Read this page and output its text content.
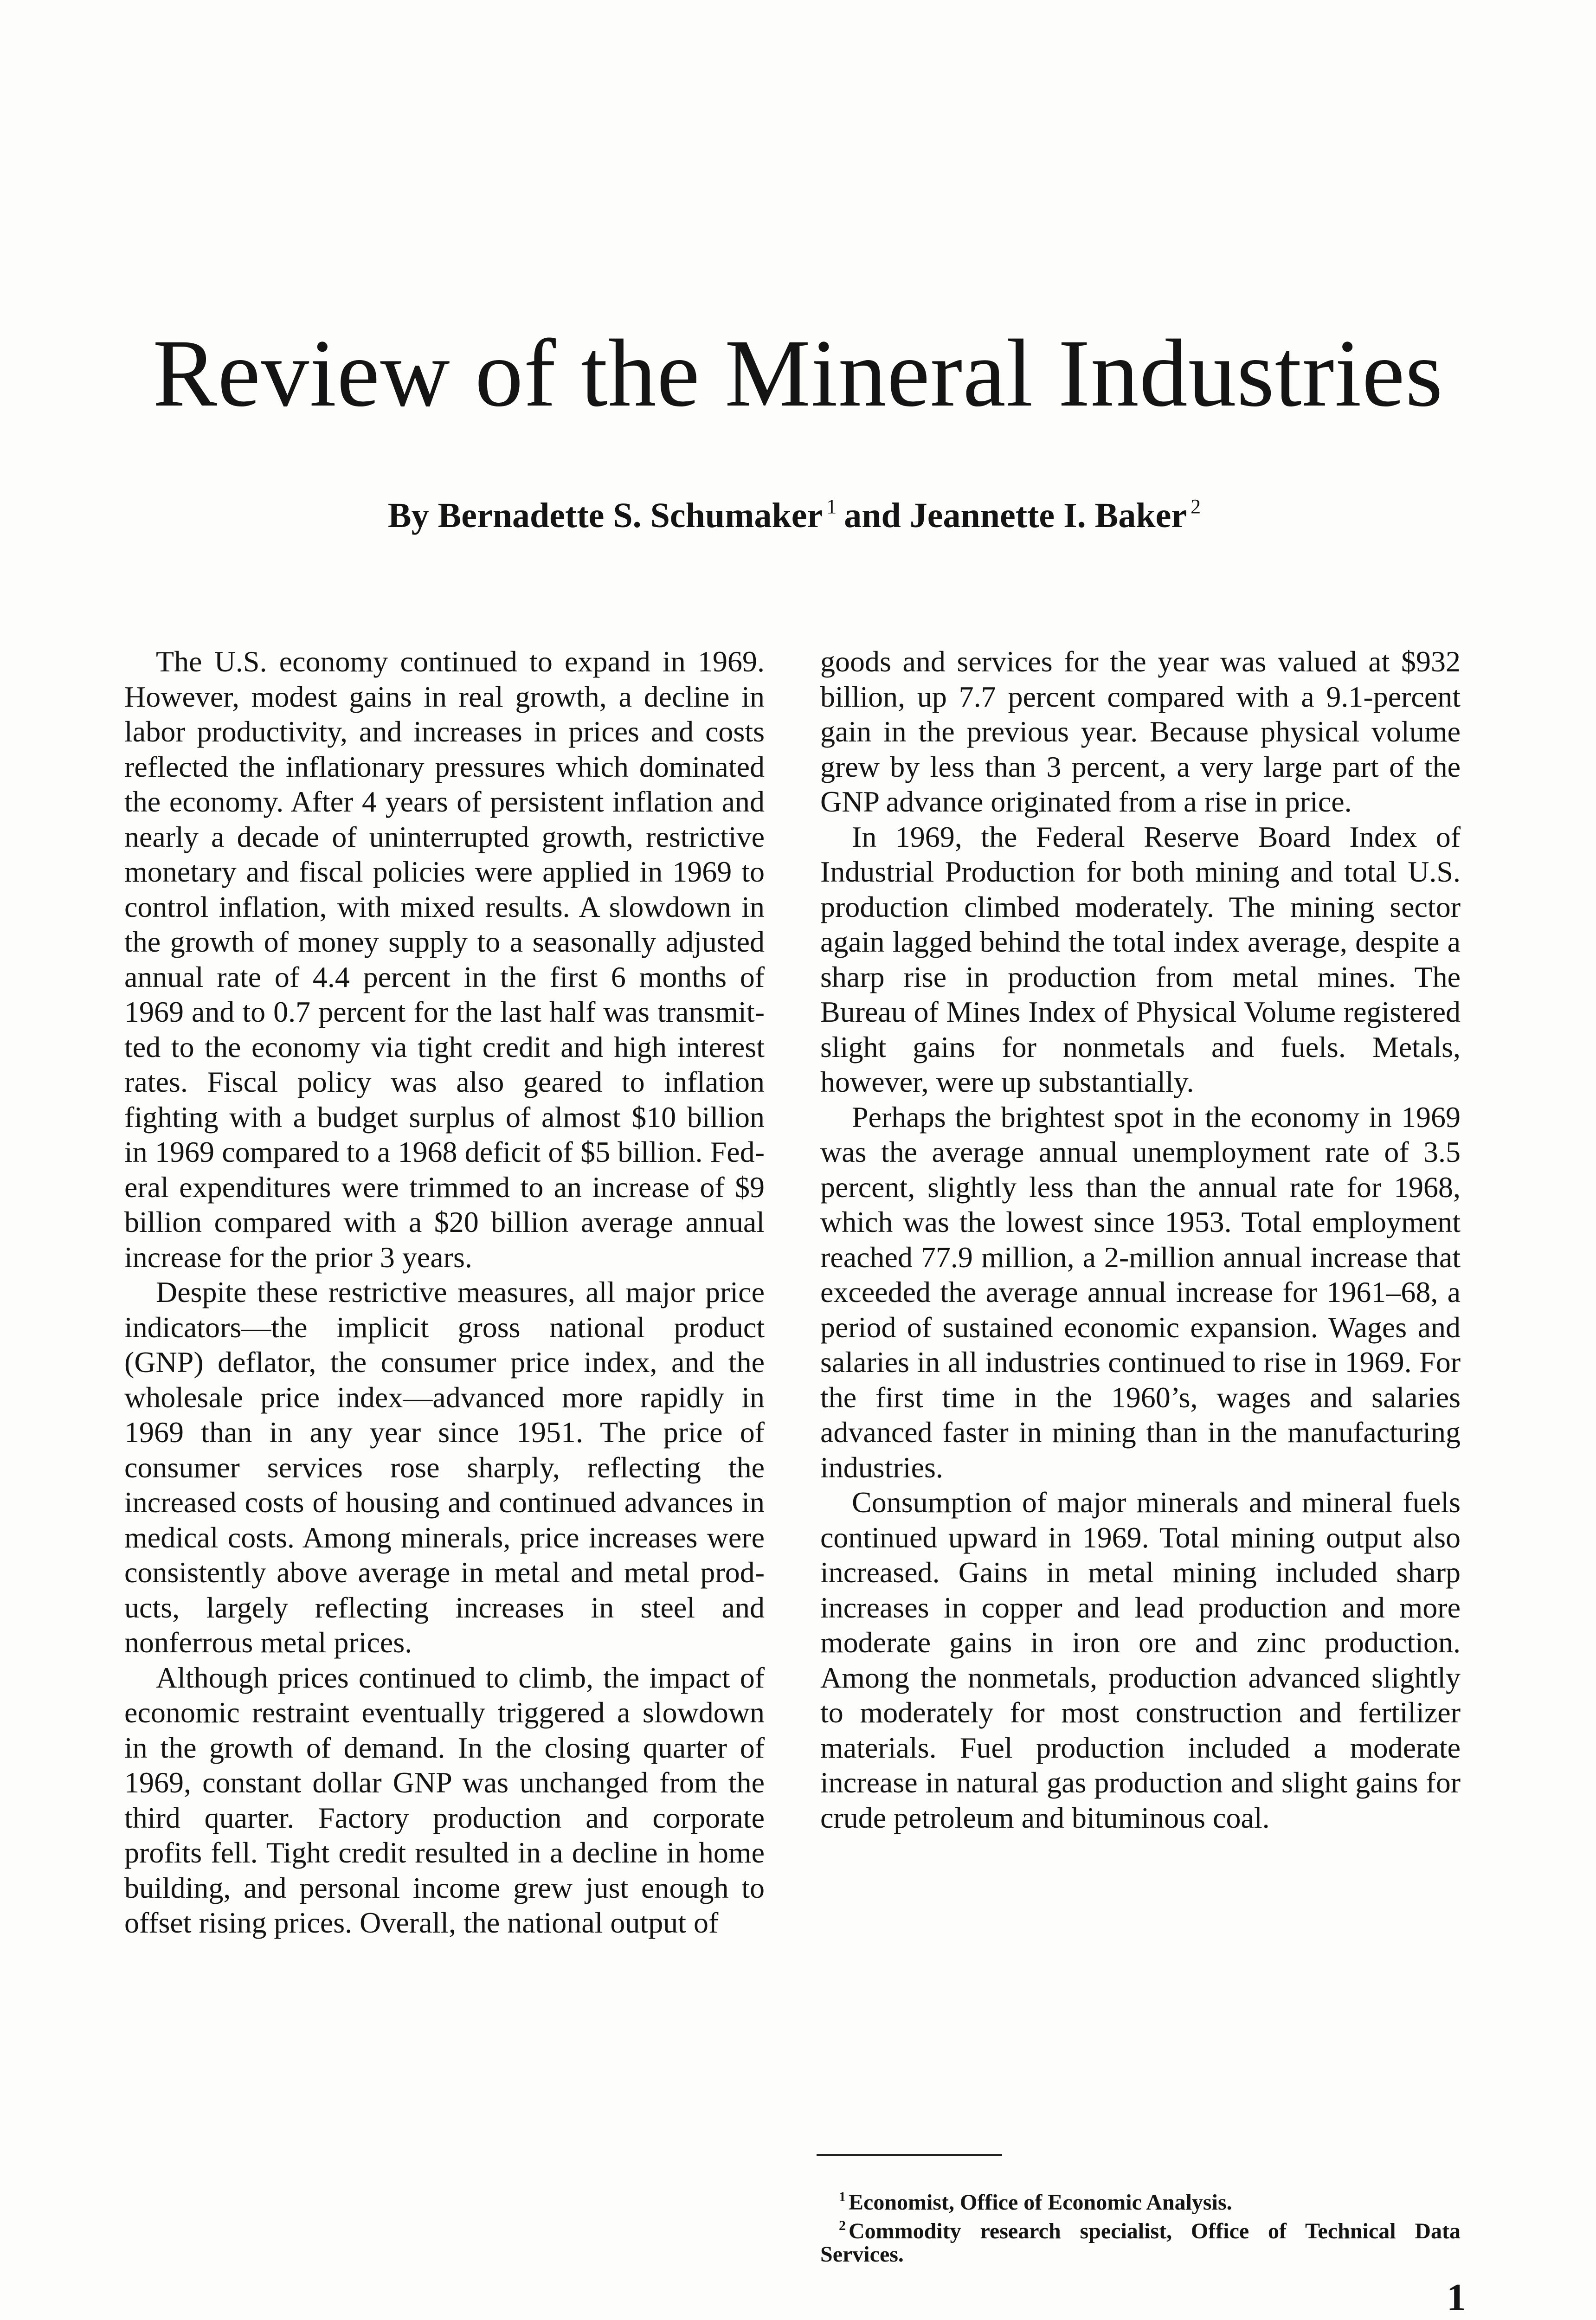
Review of the Mineral Industries
By Bernadette S. Schumaker $^1$ and Jeannette I. Baker $^2$

The U.S. economy continued to expand in 1969. However, modest gains in real growth, a decline in labor productivity, and increases in prices and costs reflected the inflationary pressures which dominated the economy. After 4 years of persistent inflation and nearly a decade of uninterrupted growth, restrictive monetary and fiscal policies were applied in 1969 to control inflation, with mixed results. A slowdown in the growth of money supply to a seasonally adjusted annual rate of 4.4 percent in the first 6 months of 1969 and to 0.7 percent for the last half was transmitted to the economy via tight credit and high interest rates. Fiscal policy was also geared to inflation fighting with a budget surplus of almost $10 billion in 1969 compared to a 1968 deficit of $5 billion. Federal expenditures were trimmed to an increase of $9 billion compared with a $20 billion average annual increase for the prior 3 years.

Despite these restrictive measures, all major price indicators—the implicit gross national product (GNP) deflator, the consumer price index, and the wholesale price index—advanced more rapidly in 1969 than in any year since 1951. The price of consumer services rose sharply, reflecting the increased costs of housing and continued advances in medical costs. Among minerals, price increases were consistently above average in metal and metal products, largely reflecting increases in steel and nonferrous metal prices.

Although prices continued to climb, the impact of economic restraint eventually triggered a slowdown in the growth of demand. In the closing quarter of 1969, constant dollar GNP was unchanged from the third quarter. Factory production and corporate profits fell. Tight credit resulted in a decline in home building, and personal income grew just enough to offset rising prices. Overall, the national output of

goods and services for the year was valued at $932 billion, up 7.7 percent compared with a 9.1-percent gain in the previous year. Because physical volume grew by less than 3 percent, a very large part of the GNP advance originated from a rise in price.

In 1969, the Federal Reserve Board Index of Industrial Production for both mining and total U.S. production climbed moderately. The mining sector again lagged behind the total index average, despite a sharp rise in production from metal mines. The Bureau of Mines Index of Physical Volume registered slight gains for nonmetals and fuels. Metals, however, were up substantially.

Perhaps the brightest spot in the economy in 1969 was the average annual unemployment rate of 3.5 percent, slightly less than the annual rate for 1968, which was the lowest since 1953. Total employment reached 77.9 million, a 2-million annual increase that exceeded the average annual increase for 1961–68, a period of sustained economic expansion. Wages and salaries in all industries continued to rise in 1969. For the first time in the 1960’s, wages and salaries advanced faster in mining than in the manufacturing industries.

Consumption of major minerals and mineral fuels continued upward in 1969. Total mining output also increased. Gains in metal mining included sharp increases in copper and lead production and more moderate gains in iron ore and zinc production. Among the nonmetals, production advanced slightly to moderately for most construction and fertilizer materials. Fuel production included a moderate increase in natural gas production and slight gains for crude petroleum and bituminous coal.

$^1$ Economist, Office of Economic Analysis.

$^2$ Commodity research specialist, Office of Technical Data Services.

1
